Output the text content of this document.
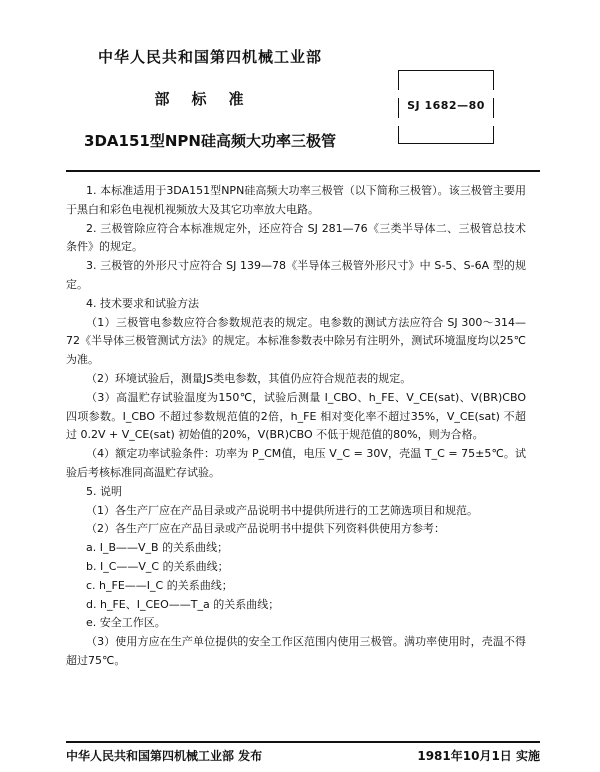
中华人民共和国第四机械工业部
部标准	SJ 1682—80
3DA151型NPN硅高频大功率三极管

1. 本标准适用于3DA151型NPN硅高频大功率三极管（以下简称三极管）。该三极管主要用于黑白和彩色电视机视频放大及其它功率放大电路。

2. 三极管除应符合本标准规定外，还应符合 SJ 281—76《三类半导体二、三极管总技术条件》的规定。

3. 三极管的外形尺寸应符合 SJ 139—78《半导体三极管外形尺寸》中 S-5、S-6A 型的规定。

4. 技术要求和试验方法

（1）三极管电参数应符合参数规范表的规定。电参数的测试方法应符合 SJ 300～314—72《半导体三极管测试方法》的规定。本标准参数表中除另有注明外，测试环境温度均以25℃为准。

（2）环境试验后，测量JS类电参数，其值仍应符合规范表的规定。

（3）高温贮存试验温度为150℃，试验后测量 I_CBO、h_FE、V_CE(sat)、V(BR)CBO 四项参数。I_CBO 不超过参数规范值的2倍，h_FE 相对变化率不超过35%，V_CE(sat) 不超过 0.2V + V_CE(sat) 初始值的20%，V(BR)CBO 不低于规范值的80%，则为合格。

（4）额定功率试验条件：功率为 P_CM值，电压 V_C = 30V，壳温 T_C = 75±5℃。试验后考核标准同高温贮存试验。

5. 说明

（1）各生产厂应在产品目录或产品说明书中提供所进行的工艺筛选项目和规范。

（2）各生产厂应在产品目录或产品说明书中提供下列资料供使用方参考：

a. I_B——V_B 的关系曲线；

b. I_C——V_C 的关系曲线；

c. h_FE——I_C 的关系曲线；

d. h_FE、I_CEO——T_a 的关系曲线；

e. 安全工作区。

（3）使用方应在生产单位提供的安全工作区范围内使用三极管。满功率使用时，壳温不得超过75℃。

中华人民共和国第四机械工业部 发布	1981年10月1日 实施
